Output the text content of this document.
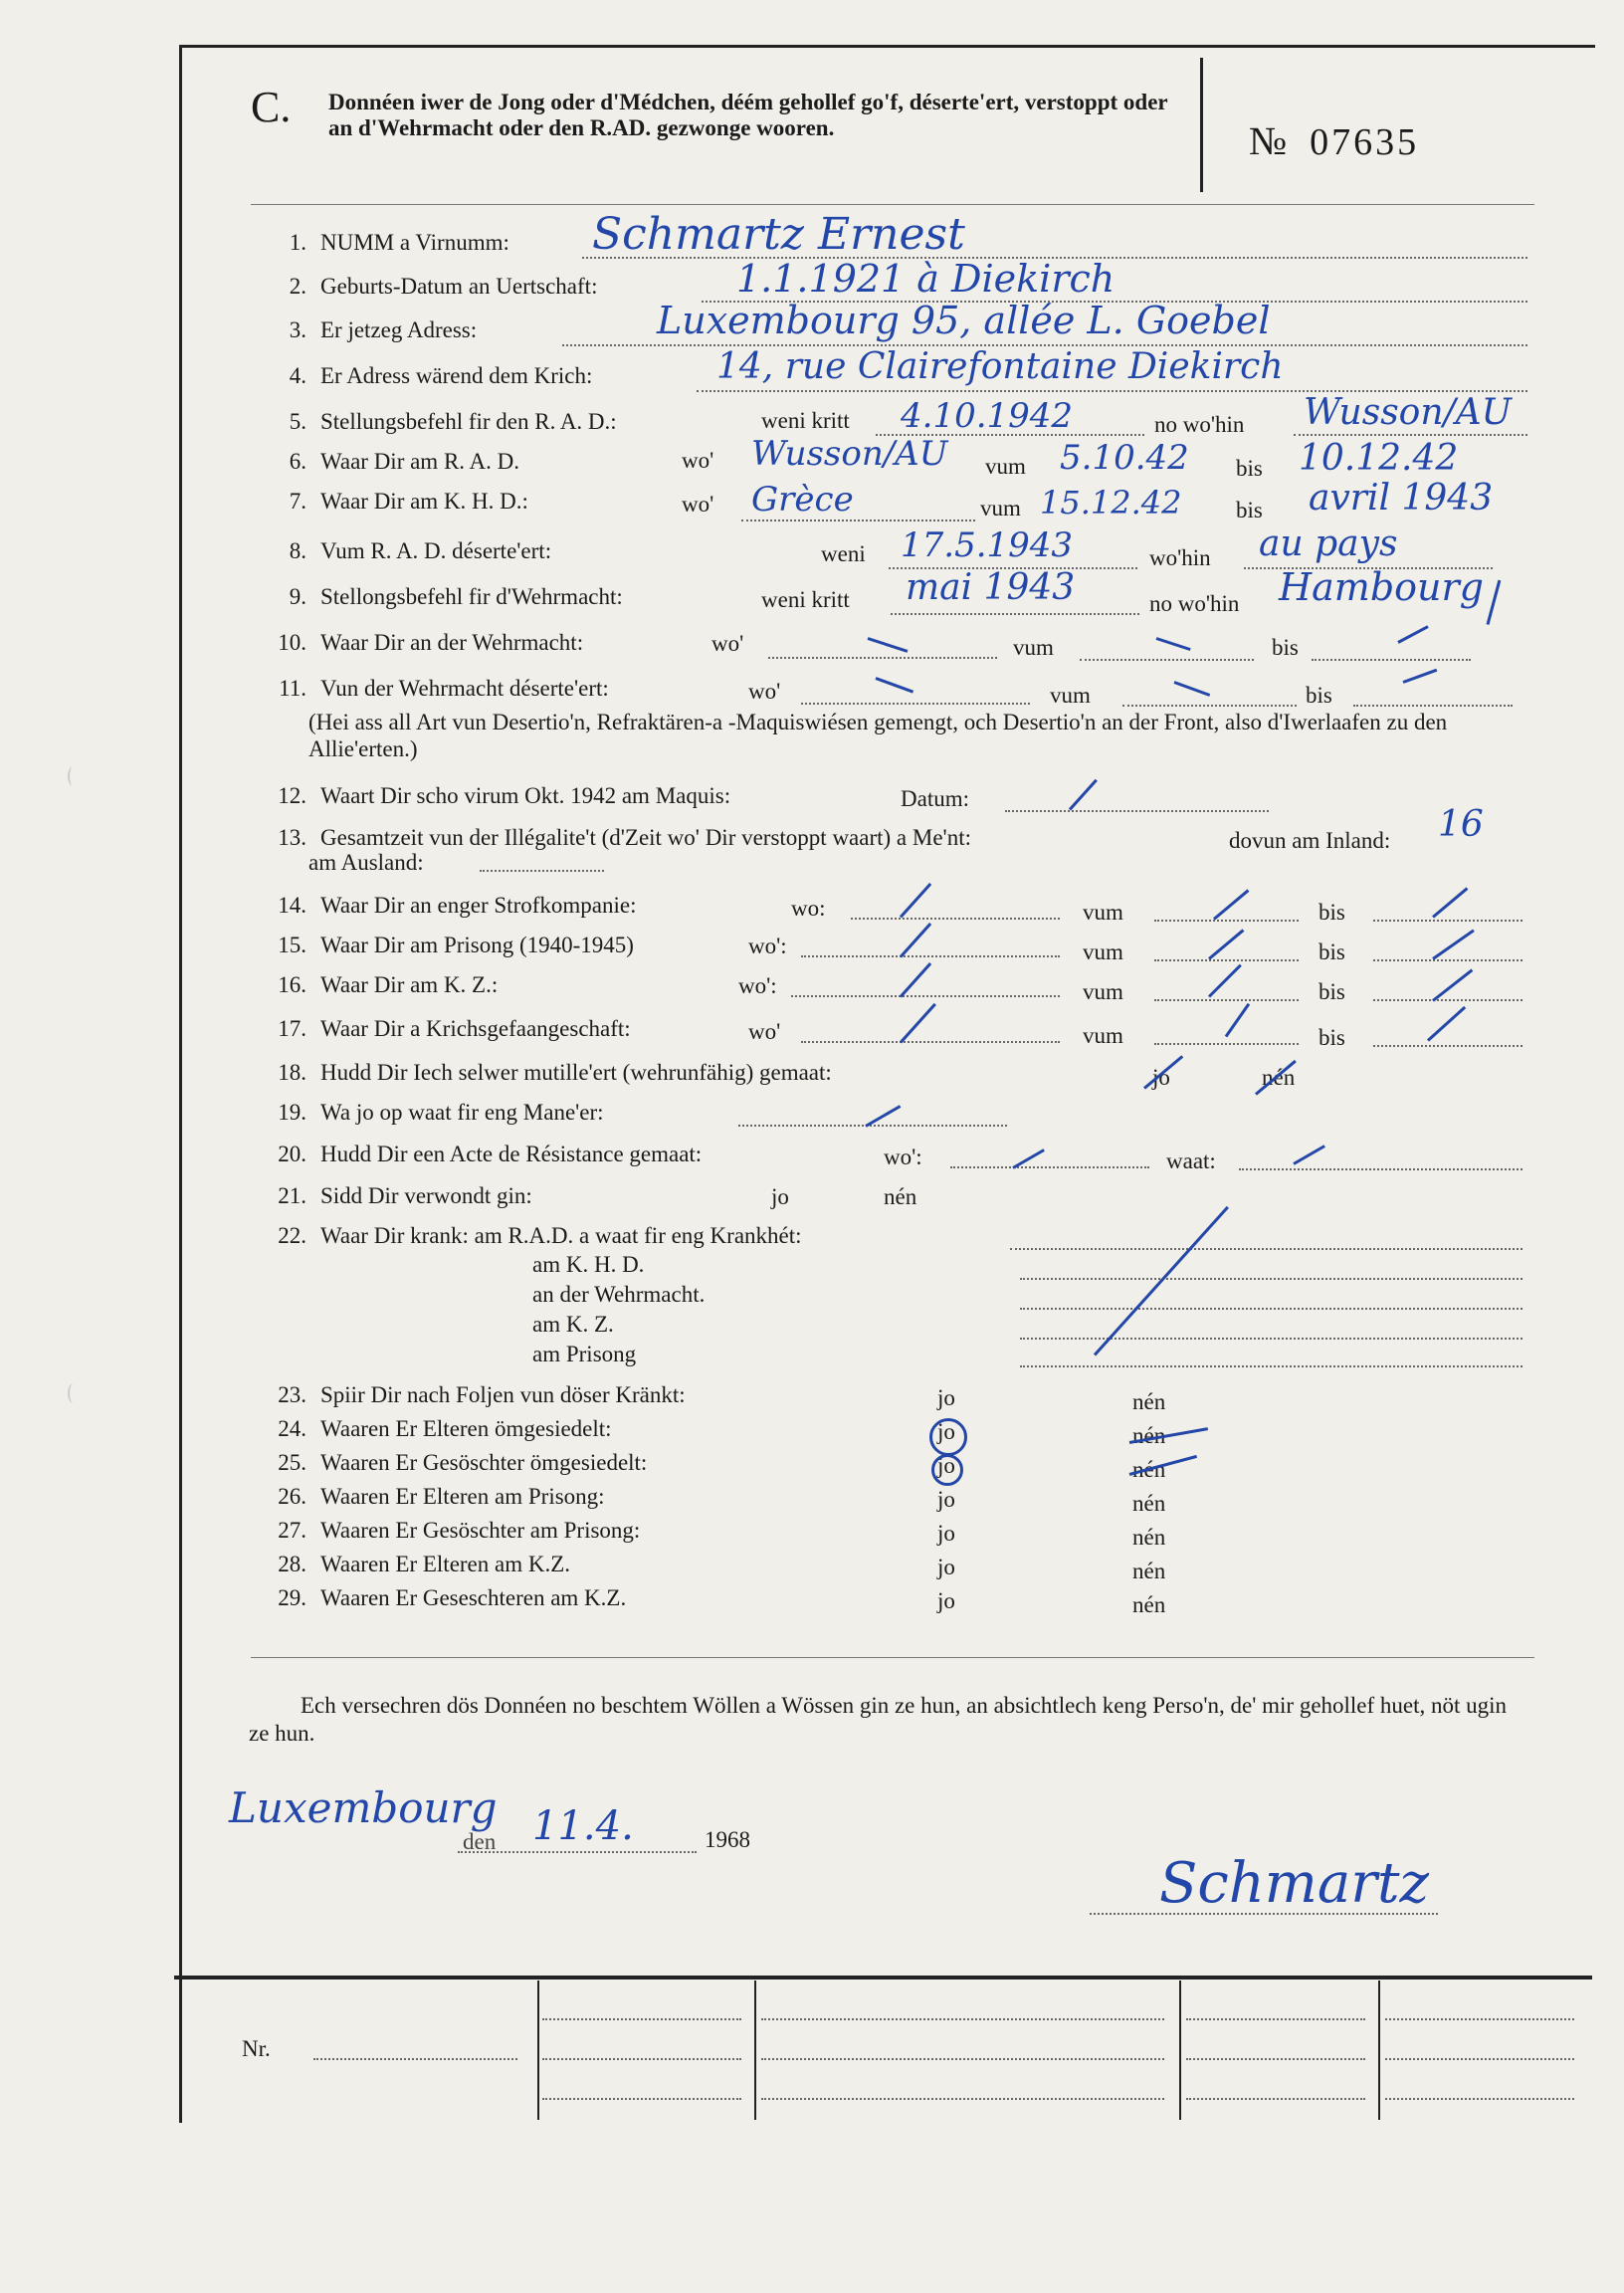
C. Donnéen iwer de Jong oder d'Médchen, déém gehollef go'f, déserte'ert, verstoppt oder an d'Wehrmacht oder den R.AD. gezwonge wooren.	№ 07635
1. NUMM a Virnumm:	Schmartz Ernest
2. Geburts-Datum an Uertschaft:	1.1.1921 à Diekirch
3. Er jetzeg Adress:	Luxembourg 95, allée L. Goebel
4. Er Adress wärend dem Krich:	14, rue Clairefontaine Diekirch
5. Stellungsbefehl fir den R. A. D.:	weni kritt 4.10.1942	no wo'hin Wusson/AU
6. Waar Dir am R. A. D.	wo' Wusson/AU vum 5.10.42 bis 10.12.42
7. Waar Dir am K. H. D.:	wo' Grèce	vum 15.12.42 bis avril 1943
8. Vum R. A. D. déserte'ert:	weni 17.5.1943	wo'hin au pays
9. Stellongsbefehl fir d'Wehrmacht:	weni kritt mai 1943	no wo'hin Hambourg
10. Waar Dir an der Wehrmacht:	wo'	vum	bis
11. Vun der Wehrmacht déserte'ert:	wo'	vum	bis
(Hei ass all Art vun Desertio'n, Refraktären-a -Maquiswiésen gemengt, och Desertio'n an der Front, also d'Iwerlaafen zu den Allie'erten.)
12. Waart Dir scho virum Okt. 1942 am Maquis:	Datum:
13. Gesamtzeit vun der Illégalite't (d'Zeit wo' Dir verstoppt waart) a Me'nt:	dovun am Inland: 16
am Ausland:
14. Waar Dir an enger Strofkompanie:	wo:	vum	bis
15. Waar Dir am Prisong (1940-1945)	wo':	vum	bis
16. Waar Dir am K. Z.:	wo':	vum	bis
17. Waar Dir a Krichsgefaangeschaft:	wo'	vum	bis
18. Hudd Dir Iech selwer mutille'ert (wehrunfähig) gemaat:	jo	nén
19. Wa jo op waat fir eng Mane'er:
20. Hudd Dir een Acte de Résistance gemaat:	wo':	waat:
21. Sidd Dir verwondt gin:	jo	nén
22. Waar Dir krank: am R.A.D. a waat fir eng Krankhét:
am K. H. D.
an der Wehrmacht.
am K. Z.
am Prisong
23. Spiir Dir nach Foljen vun döser Kränkt:	jo	nén
24. Waaren Er Elteren ömgesiedelt:	jo	nén
25. Waaren Er Gesöschter ömgesiedelt:	jo	nén
26. Waaren Er Elteren am Prisong:	jo	nén
27. Waaren Er Gesöschter am Prisong:	jo	nén
28. Waaren Er Elteren am K.Z.	jo	nén
29. Waaren Er Geseschteren am K.Z.	jo	nén
Ech versechren dös Donnéen no beschtem Wöllen a Wössen gin ze hun, an absichtlech keng Perso'n, de' mir gehollef huet, nöt ugin ze hun.
Luxembourg
den 11.4.	1968
Schmartz
Nr.
